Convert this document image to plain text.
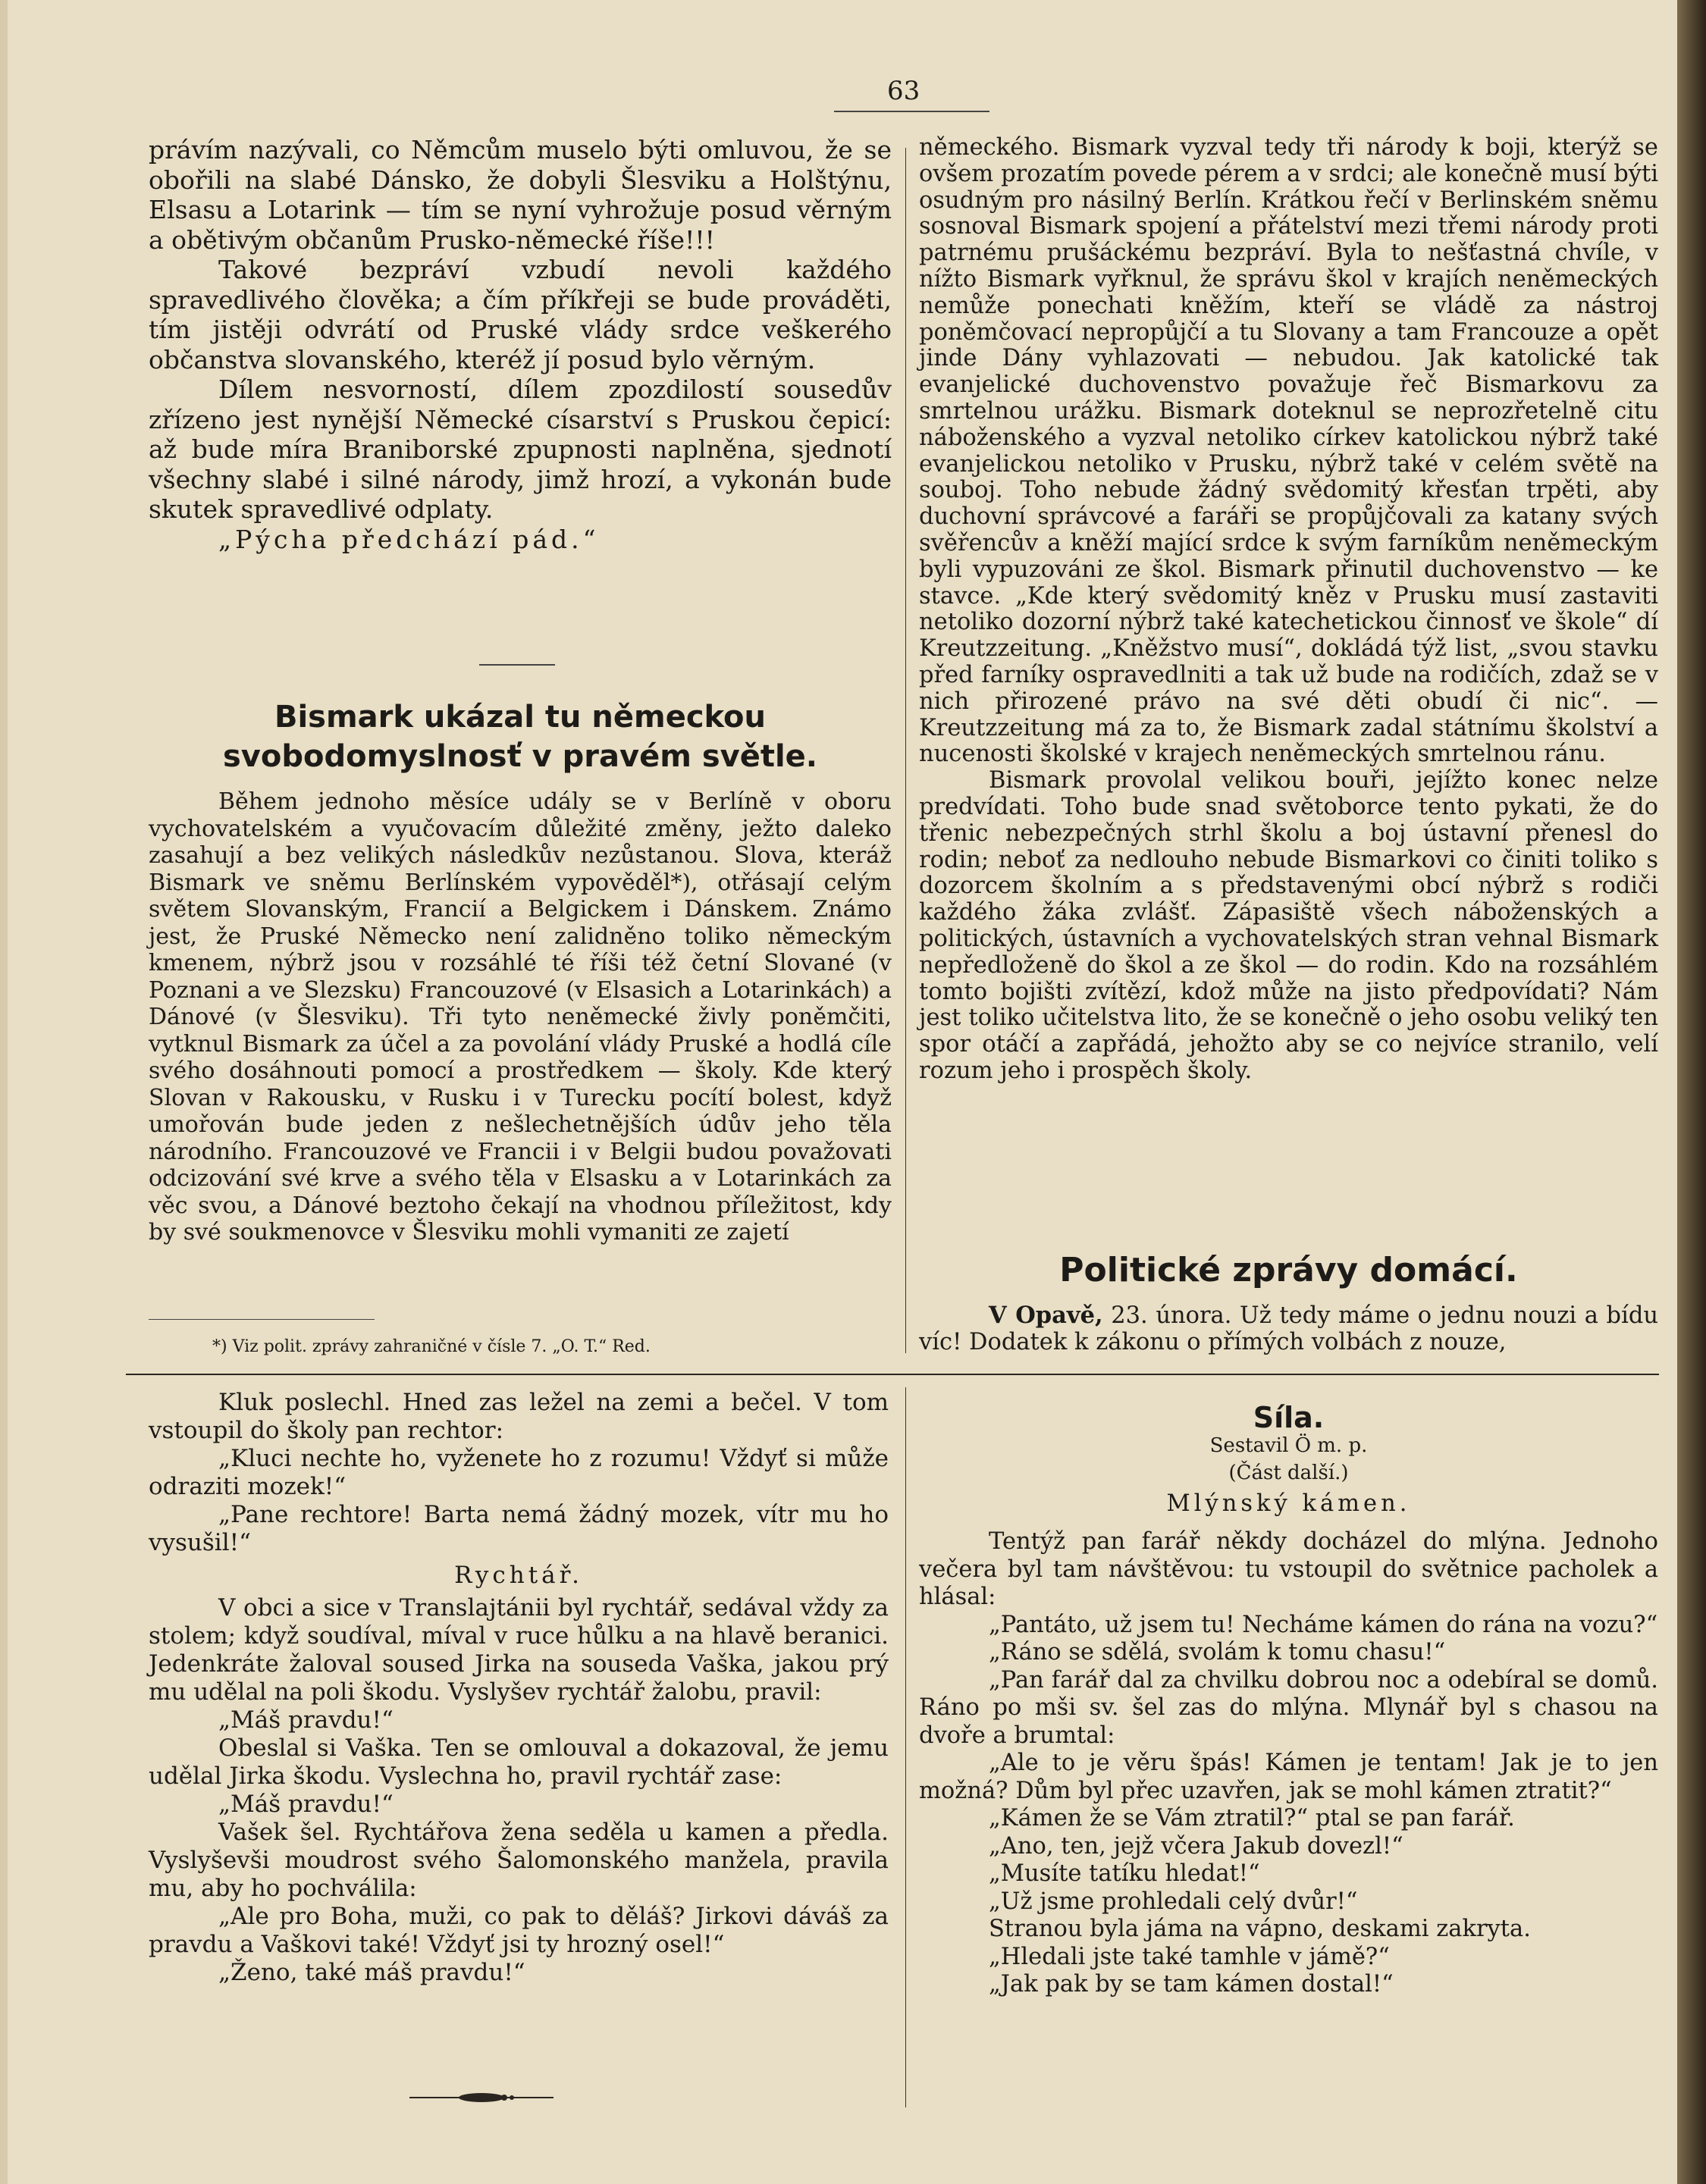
63

právím nazývali, co Němcům muselo býti omluvou, že se obořili na slabé Dánsko, že dobyli Šlesviku a Holštýnu, Elsasu a Lotarink — tím se nyní vyhrožuje posud věrným a obětivým občanům Prusko-německé říše!!!

Takové bezpráví vzbudí nevoli každého spravedlivého člověka; a čím příkřeji se bude prováděti, tím jistěji odvrátí od Pruské vlády srdce veškerého občanstva slovanského, kteréž jí posud bylo věrným.

Dílem nesvorností, dílem zpozdilostí sousedův zřízeno jest nynější Německé císarství s Pruskou čepicí: až bude míra Braniborské zpupnosti naplněna, sjednotí všechny slabé i silné národy, jimž hrozí, a vykonán bude skutek spravedlivé odplaty.

„Pýcha předchází pád.“

Bismark ukázal tu německou svobodomyslnosť v pravém světle.

Během jednoho měsíce udály se v Berlíně v oboru vychovatelském a vyučovacím důležité změny, ježto daleko zasahují a bez velikých následkův nezůstanou. Slova, kteráž Bismark ve sněmu Berlínském vypověděl*), otřásají celým světem Slovanským, Francií a Belgickem i Dánskem. Známo jest, že Pruské Německo není zalidněno toliko německým kmenem, nýbrž jsou v rozsáhlé té říši též četní Slované (v Poznani a ve Slezsku) Francouzové (v Elsasich a Lotarinkách) a Dánové (v Šlesviku). Tři tyto neněmecké živly poněmčiti, vytknul Bismark za účel a za povolání vlády Pruské a hodlá cíle svého dosáhnouti pomocí a prostředkem — školy. Kde který Slovan v Rakousku, v Rusku i v Turecku pocítí bolest, když umořován bude jeden z nešlechetnějších údův jeho těla národního. Francouzové ve Francii i v Belgii budou považovati odcizování své krve a svého těla v Elsasku a v Lotarinkách za věc svou, a Dánové beztoho čekají na vhodnou příležitost, kdy by své soukmenovce v Šlesviku mohli vymaniti ze zajetí

*) Viz polit. zprávy zahraničné v čísle 7. „O. T.“ Red.

německého. Bismark vyzval tedy tři národy k boji, kterýž se ovšem prozatím povede pérem a v srdci; ale konečně musí býti osudným pro násilný Berlín. Krátkou řečí v Berlinském sněmu sosnoval Bismark spojení a přátelství mezi třemi národy proti patrnému prušáckému bezpráví. Byla to nešťastná chvíle, v nížto Bismark vyřknul, že správu škol v krajích neněmeckých nemůže ponechati kněžím, kteří se vládě za nástroj poněmčovací nepropůjčí a tu Slovany a tam Francouze a opět jinde Dány vyhlazovati — nebudou. Jak katolické tak evanjelické duchovenstvo považuje řeč Bismarkovu za smrtelnou urážku. Bismark doteknul se neprozřetelně citu náboženského a vyzval netoliko církev katolickou nýbrž také evanjelickou netoliko v Prusku, nýbrž také v celém světě na souboj. Toho nebude žádný svědomitý křesťan trpěti, aby duchovní správcové a faráři se propůjčovali za katany svých svěřencův a kněží mající srdce k svým farníkům neněmeckým byli vypuzováni ze škol. Bismark přinutil duchovenstvo — ke stavce. „Kde který svědomitý kněz v Prusku musí zastaviti netoliko dozorní nýbrž také katechetickou činnosť ve škole“ dí Kreutzzeitung. „Kněžstvo musí“, dokládá týž list, „svou stavku před farníky ospravedlniti a tak už bude na rodičích, zdaž se v nich přirozené právo na své děti obudí či nic“. — Kreutzzeitung má za to, že Bismark zadal státnímu školství a nucenosti školské v krajech neněmeckých smrtelnou ránu.

Bismark provolal velikou bouři, jejížto konec nelze predvídati. Toho bude snad světoborce tento pykati, že do třenic nebezpečných strhl školu a boj ústavní přenesl do rodin; neboť za nedlouho nebude Bismarkovi co činiti toliko s dozorcem školním a s představenými obcí nýbrž s rodiči každého žáka zvlášť. Zápasiště všech náboženských a politických, ústavních a vychovatelských stran vehnal Bismark nepředloženě do škol a ze škol — do rodin. Kdo na rozsáhlém tomto bojišti zvítězí, kdož může na jisto předpovídati? Nám jest toliko učitelstva lito, že se konečně o jeho osobu veliký ten spor otáčí a zapřádá, jehožto aby se co nejvíce stranilo, velí rozum jeho i prospěch školy.

Politické zprávy domácí.

V Opavě, 23. února. Už tedy máme o jednu nouzi a bídu víc! Dodatek k zákonu o přímých volbách z nouze,

Kluk poslechl. Hned zas ležel na zemi a bečel. V tom vstoupil do školy pan rechtor:

„Kluci nechte ho, vyženete ho z rozumu! Vždyť si může odraziti mozek!“

„Pane rechtore! Barta nemá žádný mozek, vítr mu ho vysušil!“

Rychtář.

V obci a sice v Translajtánii byl rychtář, sedával vždy za stolem; když soudíval, míval v ruce hůlku a na hlavě beranici. Jedenkráte žaloval soused Jirka na souseda Vaška, jakou prý mu udělal na poli škodu. Vyslyšev rychtář žalobu, pravil:

„Máš pravdu!“

Obeslal si Vaška. Ten se omlouval a dokazoval, že jemu udělal Jirka škodu. Vyslechna ho, pravil rychtář zase:

„Máš pravdu!“

Vašek šel. Rychtářova žena seděla u kamen a předla. Vyslyševši moudrost svého Šalomonského manžela, pravila mu, aby ho pochválila:

„Ale pro Boha, muži, co pak to děláš? Jirkovi dáváš za pravdu a Vaškovi také! Vždyť jsi ty hrozný osel!“

„Ženo, také máš pravdu!“

Síla.

Sestavil Ö m. p.

(Část další.)

Mlýnský kámen.

Tentýž pan farář někdy docházel do mlýna. Jednoho večera byl tam návštěvou: tu vstoupil do světnice pacholek a hlásal:

„Pantáto, už jsem tu! Necháme kámen do rána na vozu?“

„Ráno se sdělá, svolám k tomu chasu!“

„Pan farář dal za chvilku dobrou noc a odebíral se domů. Ráno po mši sv. šel zas do mlýna. Mlynář byl s chasou na dvoře a brumtal:

„Ale to je věru špás! Kámen je tentam! Jak je to jen možná? Dům byl přec uzavřen, jak se mohl kámen ztratit?“

„Kámen že se Vám ztratil?“ ptal se pan farář.

„Ano, ten, jejž včera Jakub dovezl!“

„Musíte tatíku hledat!“

„Už jsme prohledali celý dvůr!“

Stranou byla jáma na vápno, deskami zakryta.

„Hledali jste také tamhle v jámě?“

„Jak pak by se tam kámen dostal!“
